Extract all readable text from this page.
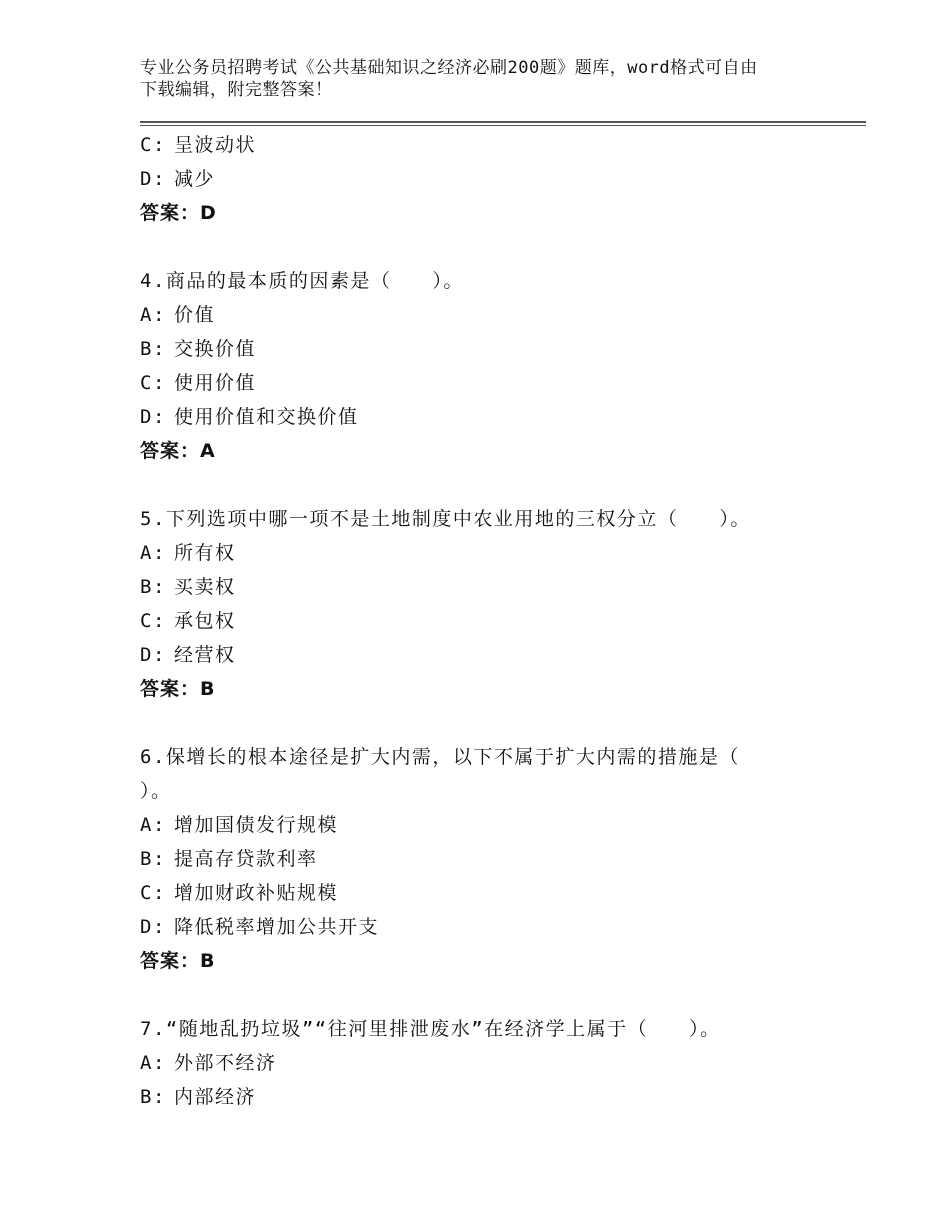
专业公务员招聘考试《公共基础知识之经济必刷200题》题库，word格式可自由
下载编辑，附完整答案！
C: 呈波动状
D: 减少
答案：D
4.商品的最本质的因素是（　　）。
A: 价值
B: 交换价值
C: 使用价值
D: 使用价值和交换价值
答案：A
5.下列选项中哪一项不是土地制度中农业用地的三权分立（　　）。
A: 所有权
B: 买卖权
C: 承包权
D: 经营权
答案：B
6.保增长的根本途径是扩大内需，以下不属于扩大内需的措施是（
）。
A: 增加国债发行规模
B: 提高存贷款利率
C: 增加财政补贴规模
D: 降低税率增加公共开支
答案：B
7.“随地乱扔垃圾”“往河里排泄废水”在经济学上属于（　　）。
A: 外部不经济
B: 内部经济
